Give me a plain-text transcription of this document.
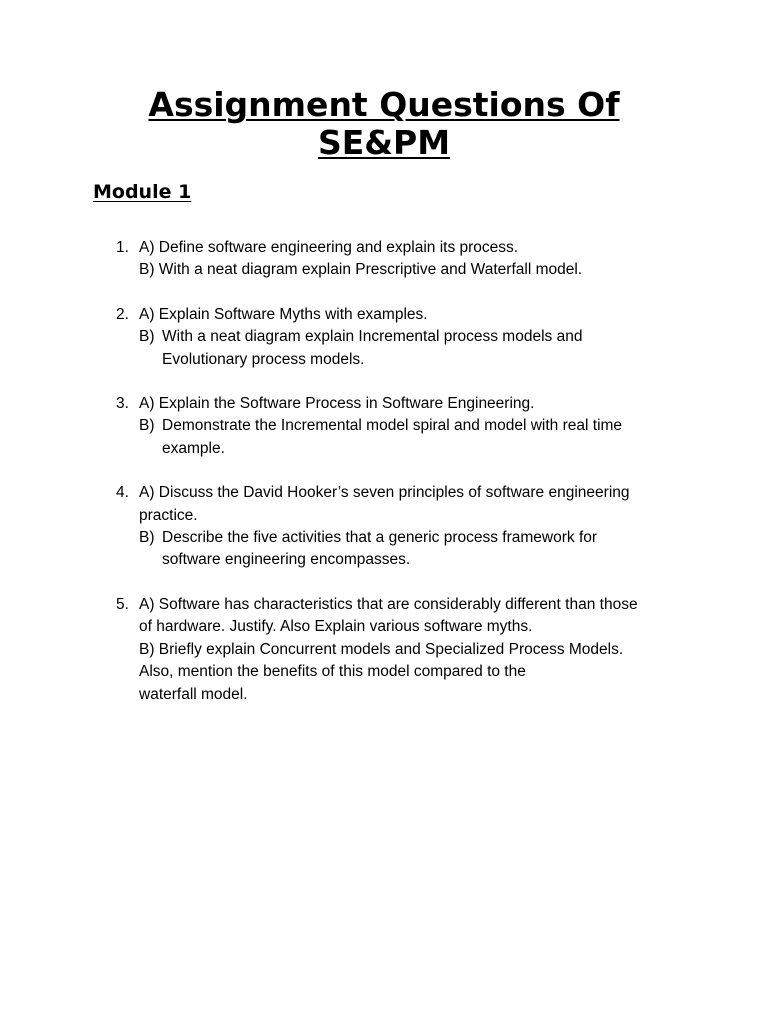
Assignment Questions Of
SE&PM
Module 1
1. A) Define software engineering and explain its process.
B) With a neat diagram explain Prescriptive and Waterfall model.
2. A) Explain Software Myths with examples.
B) With a neat diagram explain Incremental process models and
Evolutionary process models.
3. A) Explain the Software Process in Software Engineering.
B) Demonstrate the Incremental model spiral and model with real time
example.
4. A) Discuss the David Hooker’s seven principles of software engineering
practice.
B) Describe the five activities that a generic process framework for
software engineering encompasses.
5. A) Software has characteristics that are considerably different than those
of hardware. Justify. Also Explain various software myths.
B) Briefly explain Concurrent models and Specialized Process Models.
Also, mention the benefits of this model compared to the
waterfall model.
